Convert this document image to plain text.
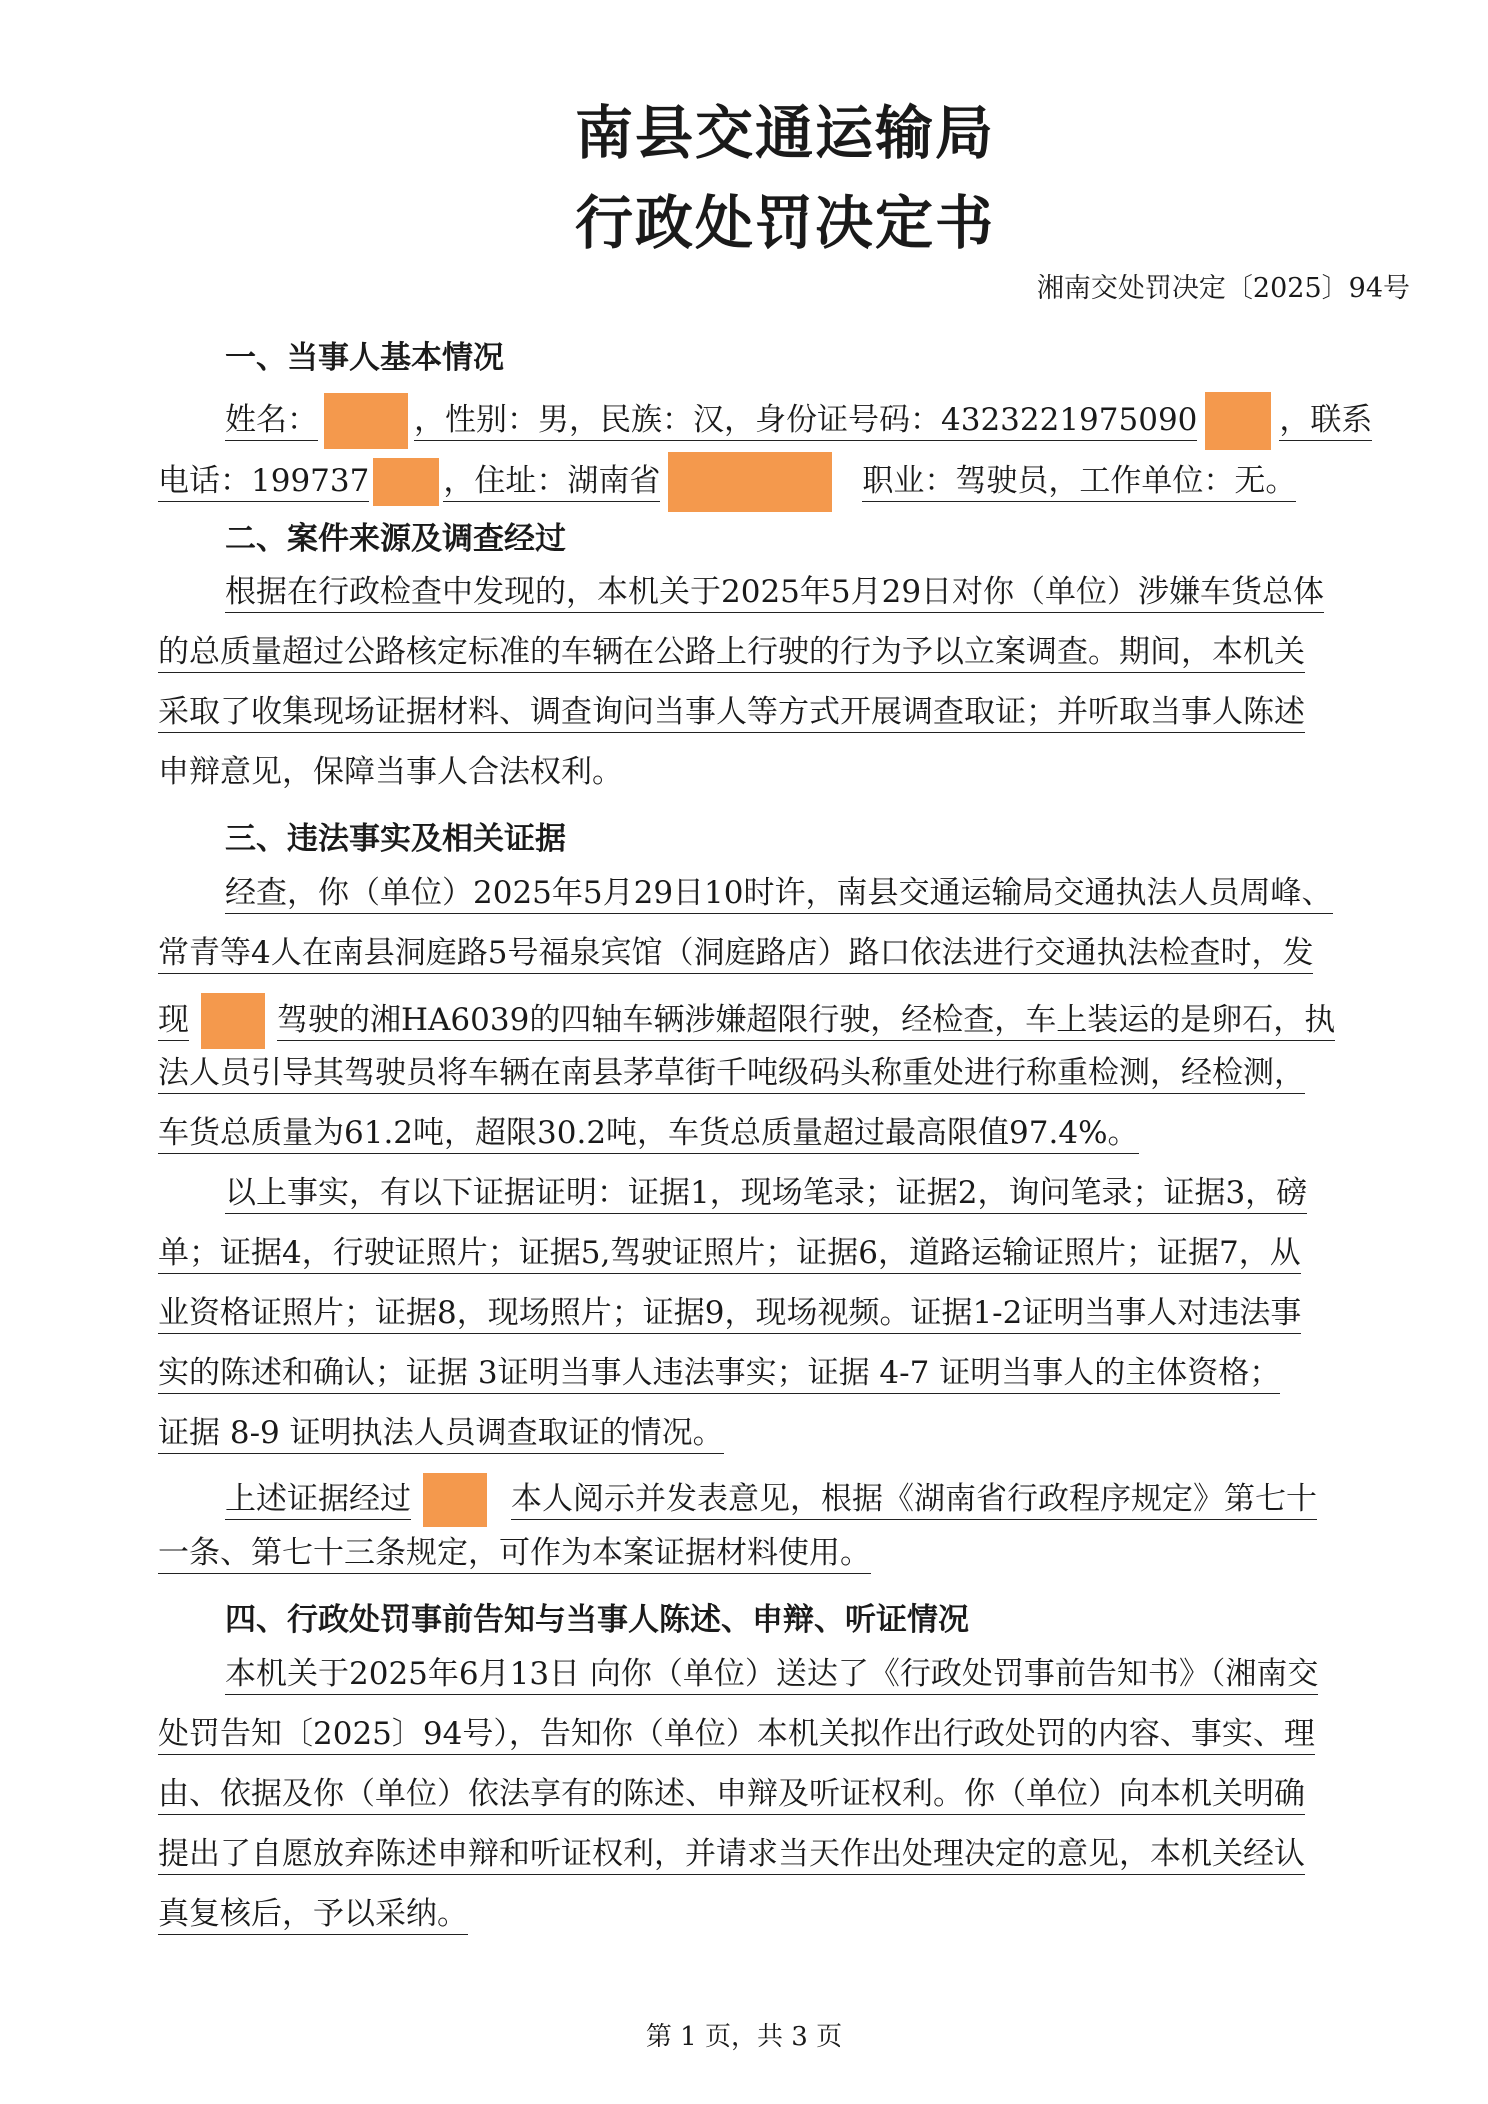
南县交通运输局
行政处罚决定书
湘南交处罚决定〔2025〕94号
一、当事人基本情况
姓名：	，性别：男，民族：汉，身份证号码：4323221975090	，联系
电话：199737 ，住址：湖南省	职业：驾驶员，工作单位：无。
二、案件来源及调查经过
根据在行政检查中发现的，本机关于2025年5月29日对你（单位）涉嫌车货总体
的总质量超过公路核定标准的车辆在公路上行驶的行为予以立案调查。期间，本机关
采取了收集现场证据材料、调查询问当事人等方式开展调查取证；并听取当事人陈述
申辩意见，保障当事人合法权利。
三、违法事实及相关证据
经查，你（单位）2025年5月29日10时许，南县交通运输局交通执法人员周峰、
常青等4人在南县洞庭路5号福泉宾馆（洞庭路店）路口依法进行交通执法检查时，发
现	驾驶的湘HA6039的四轴车辆涉嫌超限行驶，经检查，车上装运的是卵石，执
法人员引导其驾驶员将车辆在南县茅草街千吨级码头称重处进行称重检测，经检测，
车货总质量为61.2吨，超限30.2吨，车货总质量超过最高限值97.4%。
以上事实，有以下证据证明：证据1，现场笔录；证据2，询问笔录；证据3，磅
单；证据4，行驶证照片；证据5,驾驶证照片；证据6，道路运输证照片；证据7，从
业资格证照片；证据8，现场照片；证据9，现场视频。证据1-2证明当事人对违法事
实的陈述和确认；证据 3证明当事人违法事实；证据 4-7 证明当事人的主体资格；
证据 8-9 证明执法人员调查取证的情况。
上述证据经过	本人阅示并发表意见，根据《湖南省行政程序规定》第七十
一条、第七十三条规定，可作为本案证据材料使用。
四、行政处罚事前告知与当事人陈述、申辩、听证情况
本机关于2025年6月13日 向你（单位）送达了《行政处罚事前告知书》（湘南交
处罚告知〔2025〕94号），告知你（单位）本机关拟作出行政处罚的内容、事实、理
由、依据及你（单位）依法享有的陈述、申辩及听证权利。你（单位）向本机关明确
提出了自愿放弃陈述申辩和听证权利，并请求当天作出处理决定的意见，本机关经认
真复核后，予以采纳。
第 1 页，共 3 页
